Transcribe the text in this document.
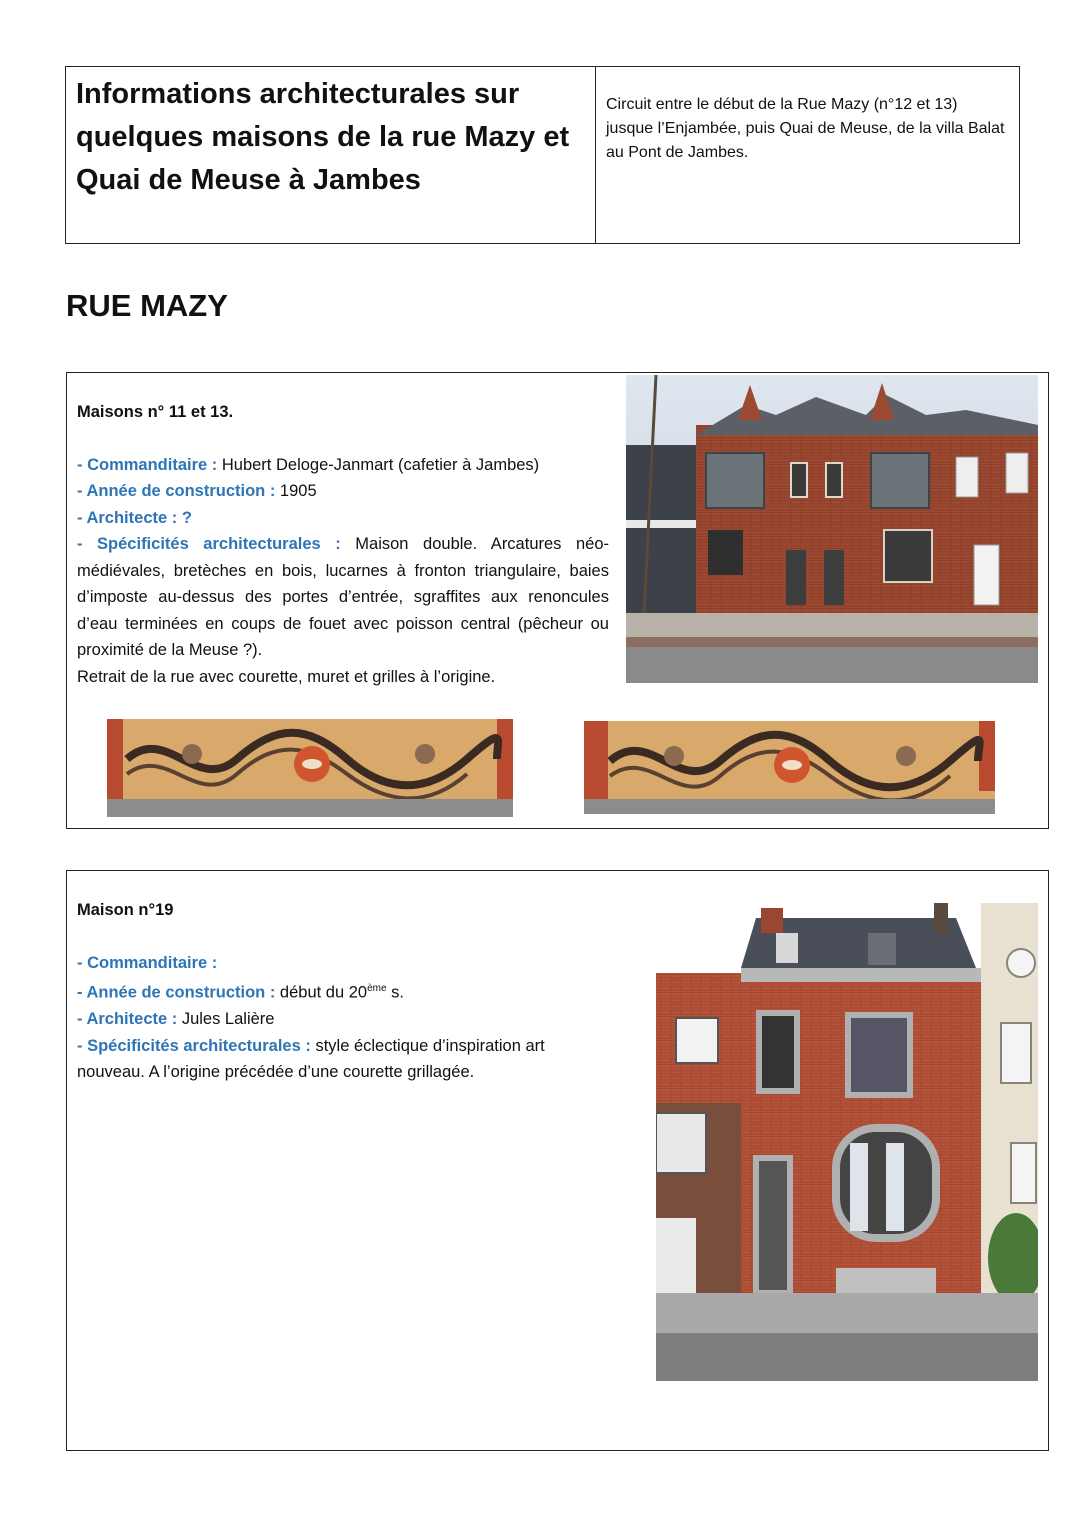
Informations architecturales sur quelques maisons de la rue Mazy et Quai de Meuse à Jambes
Circuit entre le début de la Rue Mazy (n°12 et 13) jusque l’Enjambée, puis Quai de Meuse, de la villa Balat au Pont de Jambes.
RUE MAZY

Maisons n° 11 et 13.

- Commanditaire : Hubert Deloge-Janmart (cafetier à Jambes)

- Année de construction : 1905

- Architecte : ?

- Spécificités architecturales : Maison double. Arcatures néo-médiévales, bretèches en bois, lucarnes à fronton triangulaire, baies d’imposte au-dessus des portes d’entrée, sgraffites aux renoncules d’eau terminées en coups de fouet avec poisson central (pêcheur ou proximité de la Meuse ?).

Retrait de la rue avec courette, muret et grilles à l’origine.

Maison n°19

- Commanditaire :

- Année de construction : début du 20ème s.

- Architecte : Jules Lalière

- Spécificités architecturales : style éclectique d’inspiration art nouveau. A l’origine précédée d’une courette grillagée.
